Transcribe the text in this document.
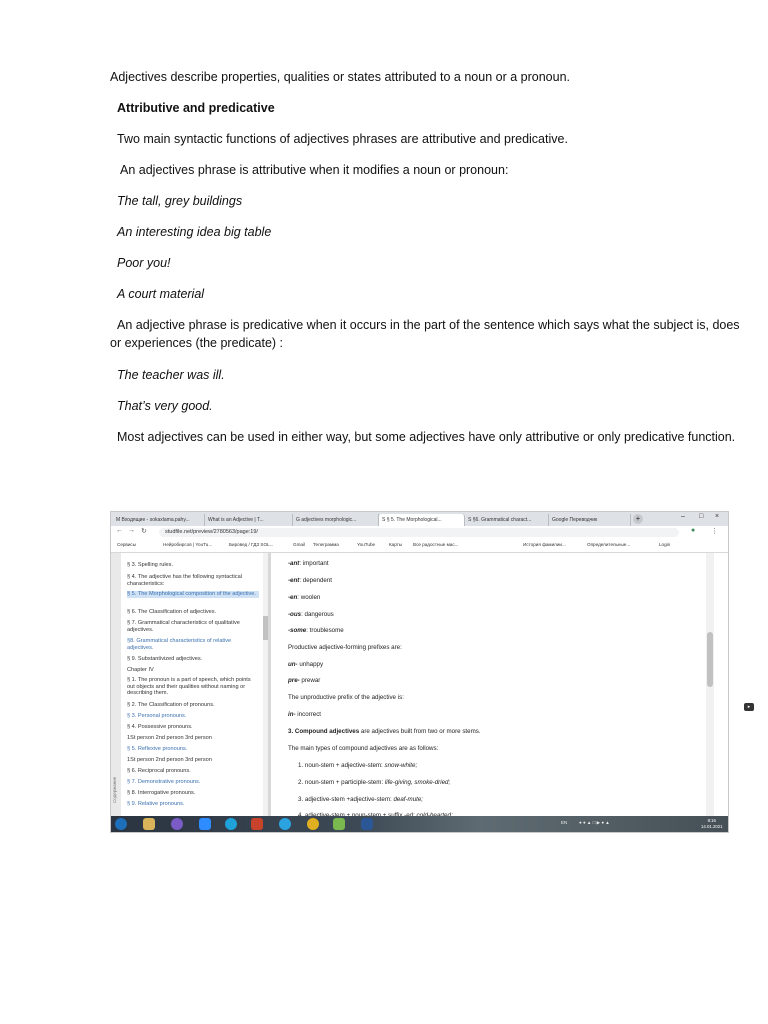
Adjectives describe properties, qualities or states attributed to a noun or a pronoun.
Attributive and predicative
Two main syntactic functions of adjectives phrases are attributive and predicative.
An adjectives phrase is attributive when it modifies a noun or pronoun:
The tall, grey buildings
An interesting idea big table
Poor you!
A court material
An adjective phrase is predicative when it occurs in the part of the sentence which says what the subject is, does or experiences (the predicate) :
The teacher was ill.
That’s very good.
Most adjectives can be used in either way, but some adjectives have only attributive or only predicative function.
M Входящие - sokaxlama.pahy...	What is an Adjective | T...	G adjectives morphologic...	S § 5. The Morphological...	S §6. Grammatical charact...	Google Переводчик	+	– □ ×
← → ↻	studfile.net/preview/2780563/page:19/	● ⋮
Сервисы	Нейробирсов | YouTu...	Бировед / ГДЗ SOL...	Gmail Телеграмма	YouTube	Карты Все радостные мас...	История фамилии...	Определительные...	Login
Содержание
§ 3. Spelling rules.
§ 4. The adjective has the following syntactical characteristics:
§ 5. The Morphological composition of the adjective.
§ 6. The Classification of adjectives.
§ 7. Grammatical characteristics of qualitative adjectives.
§8. Grammatical characteristics of relative adjectives.
§ 9. Substantivized adjectives.
Chapter IV
§ 1. The pronoun is a part of speech, which points out objects and their qualities without naming or describing them.
§ 2. The Classification of pronouns.
§ 3. Personal pronouns.
§ 4. Possessive pronouns.
1St person 2nd person 3rd person
§ 5. Reflexive pronouns.
1St person 2nd person 3rd person
§ 6. Reciprocal pronouns.
§ 7. Demonstrative pronouns.
§ 8. Interrogative pronouns.
§ 9. Relative pronouns.
-ant: important
-ent: dependent
-en: woolen
-ous: dangerous
-some: troublesome
Productive adjective-forming prefixes are:
un- unhappy
pre- prewar
The unproductive prefix of the adjective is:
in- incorrect
3. Compound adjectives are adjectives built from two or more stems.
The main types of compound adjectives are as follows:
1. noun-stem + adjective-stem: snow-white;
2. noun-stem + participle-stem: life-giving, smoke-dried;
3. adjective-stem +adjective-stem: deaf-mute;
▸
EN	● ● ▲ □ ▶ ● ▲	8:16
14.01.2021
